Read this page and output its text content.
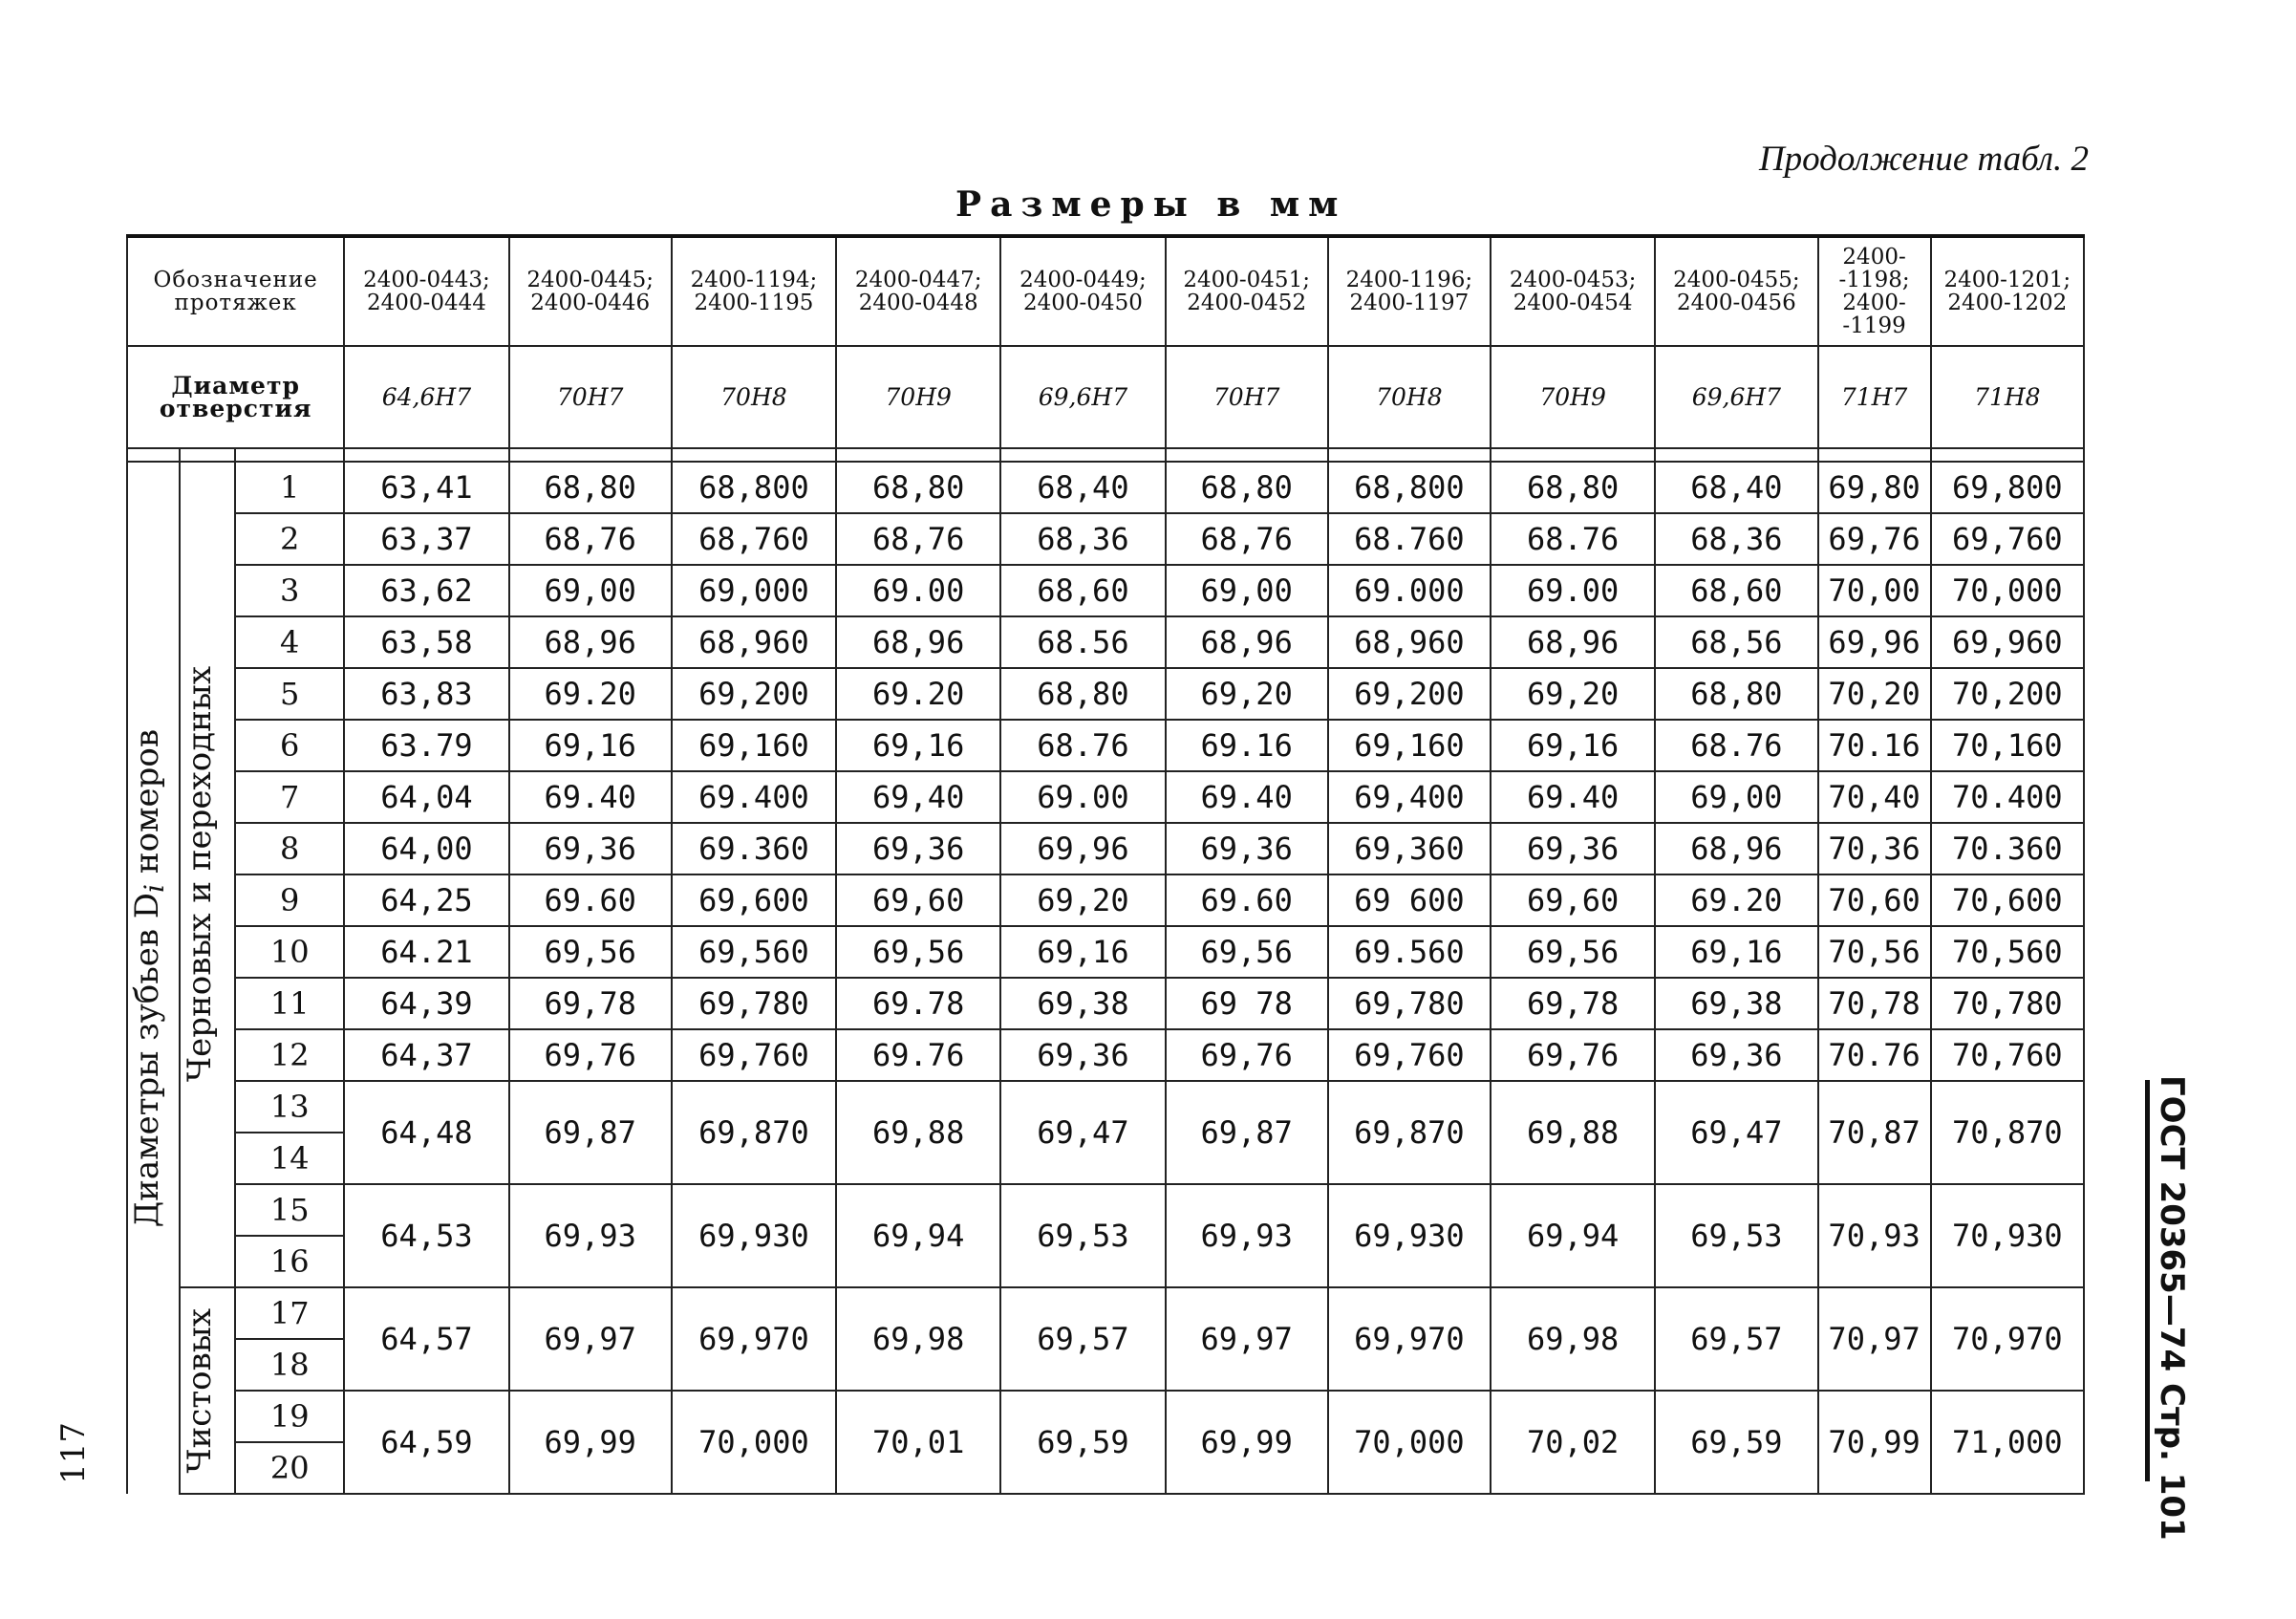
Продолжение табл. 2
Размеры в мм
ГОСТ 20365—74 Стр. 101
117
Обозначение протяжек			2400-0443; 2400-0444	2400-0445; 2400-0446	2400-1194; 2400-1195	2400-0447; 2400-0448	2400-0449; 2400-0450	2400-0451; 2400-0452	2400-1196; 2400-1197	2400-0453; 2400-0454	2400-0455; 2400-0456	2400- -1198; 2400- -1199	2400-1201; 2400-1202
Диаметр отверстия			64,6H7	70H7	70H8	70H9	69,6H7	70H7	70H8	70H9	69,6H7	71H7	71H8

Диаметры зубьев $D_i$ номеров	Черновых и переходных	1	63,41	68,80	68,800	68,80	68,40	68,80	68,800	68,80	68,40	69,80	69,800
		2	63,37	68,76	68,760	68,76	68,36	68,76	68.760	68.76	68,36	69,76	69,760
		3	63,62	69,00	69,000	69.00	68,60	69,00	69.000	69.00	68,60	70,00	70,000
		4	63,58	68,96	68,960	68,96	68.56	68,96	68,960	68,96	68,56	69,96	69,960
		5	63,83	69.20	69,200	69.20	68,80	69,20	69,200	69,20	68,80	70,20	70,200
		6	63.79	69,16	69,160	69,16	68.76	69.16	69,160	69,16	68.76	70.16	70,160
		7	64,04	69.40	69.400	69,40	69.00	69.40	69,400	69.40	69,00	70,40	70.400
		8	64,00	69,36	69.360	69,36	69,96	69,36	69,360	69,36	68,96	70,36	70.360
		9	64,25	69.60	69,600	69,60	69,20	69.60	69 600	69,60	69.20	70,60	70,600
		10	64.21	69,56	69,560	69,56	69,16	69,56	69.560	69,56	69,16	70,56	70,560
		11	64,39	69,78	69,780	69.78	69,38	69 78	69,780	69,78	69,38	70,78	70,780
		12	64,37	69,76	69,760	69.76	69,36	69,76	69,760	69,76	69,36	70.76	70,760
		13	64,48	69,87	69,870	69,88	69,47	69,87	69,870	69,88	69,47	70,87	70,870
		14											
		15	64,53	69,93	69,930	69,94	69,53	69,93	69,930	69,94	69,53	70,93	70,930
		16											

	Чистовых	17	64,57	69,97	69,970	69,98	69,57	69,97	69,970	69,98	69,57	70,97	70,970
		18											
		19	64,59	69,99	70,000	70,01	69,59	69,99	70,000	70,02	69,59	70,99	71,000
		20											
